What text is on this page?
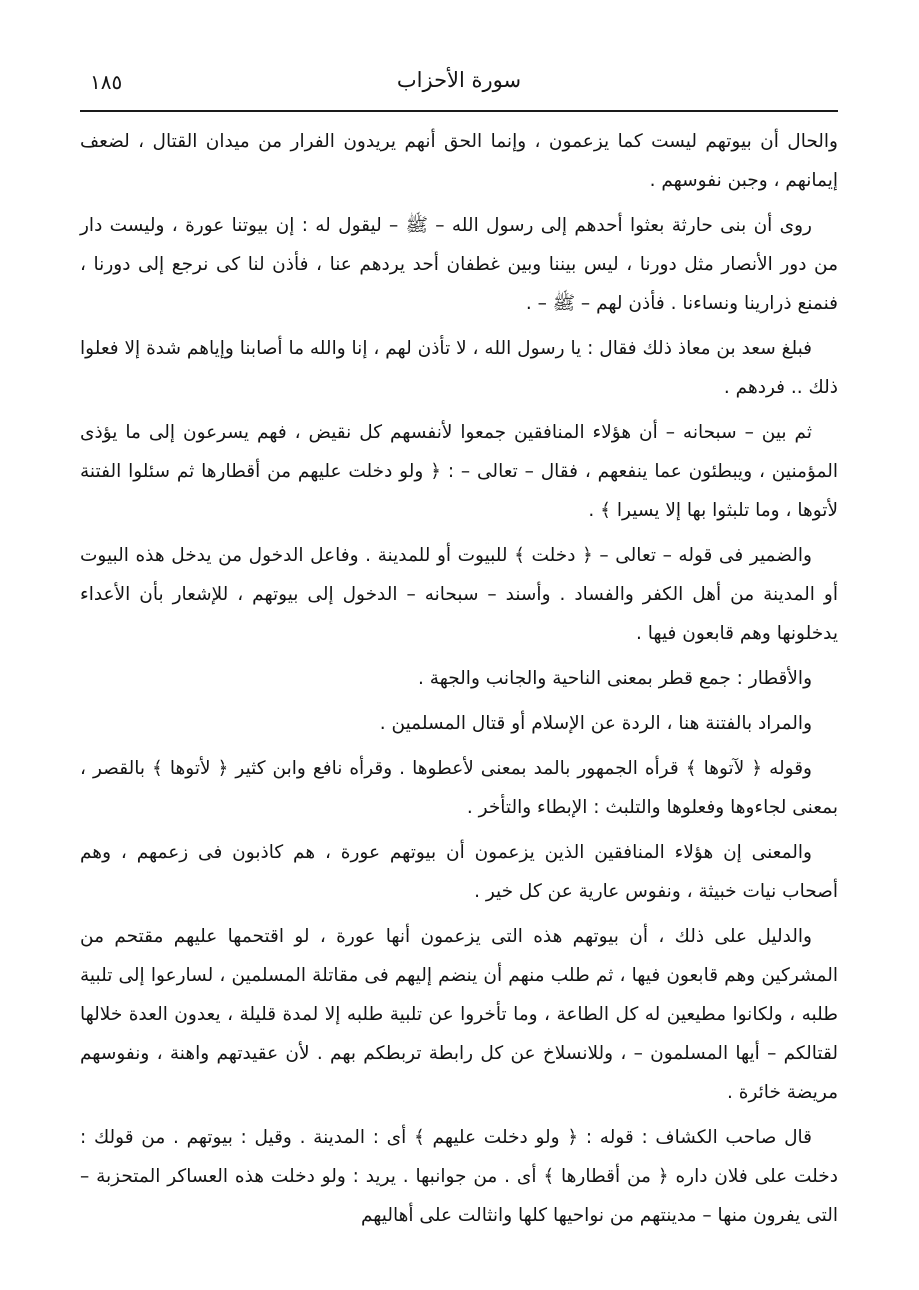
١٨٥	سورة الأحزاب

والحال أن بيوتهم ليست كما يزعمون ، وإنما الحق أنهم يريدون الفرار من ميدان القتال ، لضعف إيمانهم ، وجبن نفوسهم .

روى أن بنى حارثة بعثوا أحدهم إلى رسول الله – ﷺ – ليقول له : إن بيوتنا عورة ، وليست دار من دور الأنصار مثل دورنا ، ليس بيننا وبين غطفان أحد يردهم عنا ، فأذن لنا كى نرجع إلى دورنا ، فنمنع ذرارينا ونساءنا . فأذن لهم – ﷺ – .

فبلغ سعد بن معاذ ذلك فقال : يا رسول الله ، لا تأذن لهم ، إنا والله ما أصابنا وإياهم شدة إلا فعلوا ذلك .. فردهم .

ثم بين – سبحانه – أن هؤلاء المنافقين جمعوا لأنفسهم كل نقيض ، فهم يسرعون إلى ما يؤذى المؤمنين ، ويبطئون عما ينفعهم ، فقال – تعالى – : ﴿ ولو دخلت عليهم من أقطارها ثم سئلوا الفتنة لأتوها ، وما تلبثوا بها إلا يسيرا ﴾ .

والضمير فى قوله – تعالى – ﴿ دخلت ﴾ للبيوت أو للمدينة . وفاعل الدخول من يدخل هذه البيوت أو المدينة من أهل الكفر والفساد . وأسند – سبحانه – الدخول إلى بيوتهم ، للإشعار بأن الأعداء يدخلونها وهم قابعون فيها .

والأقطار : جمع قطر بمعنى الناحية والجانب والجهة .

والمراد بالفتنة هنا ، الردة عن الإسلام أو قتال المسلمين .

وقوله ﴿ لآتوها ﴾ قرأه الجمهور بالمد بمعنى لأعطوها . وقرأه نافع وابن كثير ﴿ لأتوها ﴾ بالقصر ، بمعنى لجاءوها وفعلوها والتلبث : الإبطاء والتأخر .

والمعنى إن هؤلاء المنافقين الذين يزعمون أن بيوتهم عورة ، هم كاذبون فى زعمهم ، وهم أصحاب نيات خبيثة ، ونفوس عارية عن كل خير .

والدليل على ذلك ، أن بيوتهم هذه التى يزعمون أنها عورة ، لو اقتحمها عليهم مقتحم من المشركين وهم قابعون فيها ، ثم طلب منهم أن ينضم إليهم فى مقاتلة المسلمين ، لسارعوا إلى تلبية طلبه ، ولكانوا مطيعين له كل الطاعة ، وما تأخروا عن تلبية طلبه إلا لمدة قليلة ، يعدون العدة خلالها لقتالكم – أيها المسلمون – ، وللانسلاخ عن كل رابطة تربطكم بهم . لأن عقيدتهم واهنة ، ونفوسهم مريضة خائرة .

قال صاحب الكشاف : قوله : ﴿ ولو دخلت عليهم ﴾ أى : المدينة . وقيل : بيوتهم . من قولك : دخلت على فلان داره ﴿ من أقطارها ﴾ أى . من جوانبها . يريد : ولو دخلت هذه العساكر المتحزبة – التى يفرون منها – مدينتهم من نواحيها كلها وانثالت على أهاليهم
